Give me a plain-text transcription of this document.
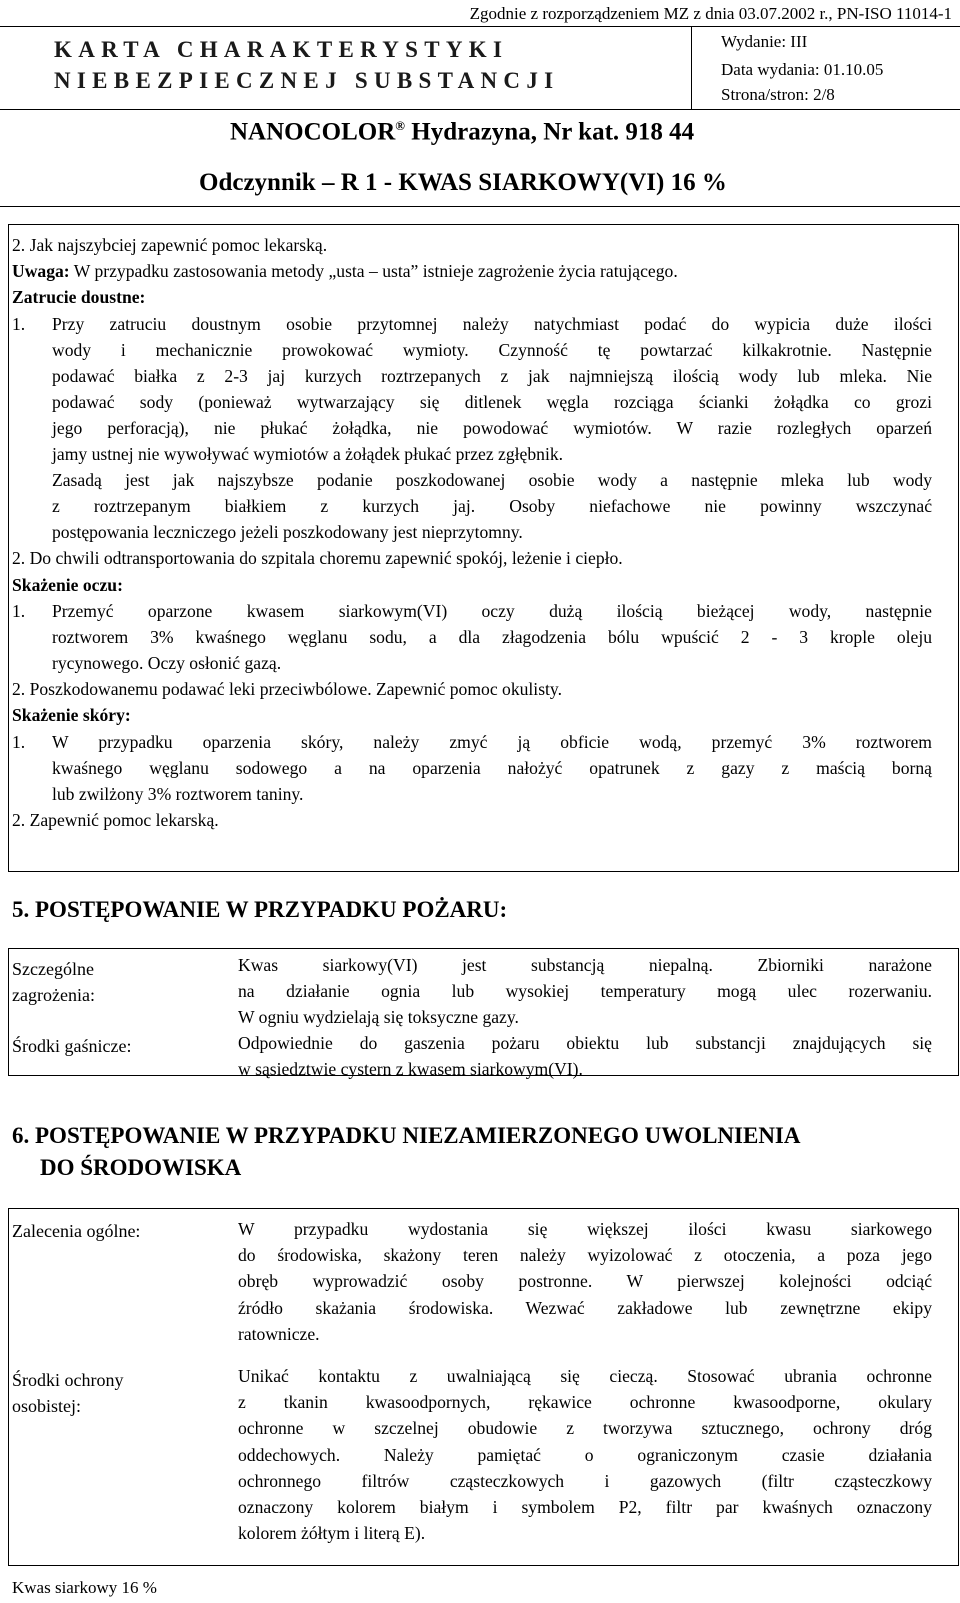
Zgodnie z rozporządzeniem MZ z dnia 03.07.2002 r., PN-ISO 11014-1
KARTA CHARAKTERYSTYKI
NIEBEZPIECZNEJ SUBSTANCJI
Wydanie: III
Data wydania: 01.10.05
Strona/stron: 2/8
NANOCOLOR® Hydrazyna, Nr kat. 918 44
Odczynnik – R 1 - KWAS SIARKOWY(VI) 16 %
2. Jak najszybciej zapewnić pomoc lekarską.
Uwaga: W przypadku zastosowania metody „usta – usta” istnieje zagrożenie życia ratującego.
Zatrucie doustne:
1. Przy zatruciu doustnym osobie przytomnej należy natychmiast podać do wypicia duże ilości
wody i mechanicznie prowokować wymioty. Czynność tę powtarzać kilkakrotnie. Następnie
podawać białka z 2-3 jaj kurzych roztrzepanych z jak najmniejszą ilością wody lub mleka. Nie
podawać sody (ponieważ wytwarzający się ditlenek węgla rozciąga ścianki żołądka co grozi
jego perforacją), nie płukać żołądka, nie powodować wymiotów. W razie rozległych oparzeń
jamy ustnej nie wywoływać wymiotów a żołądek płukać przez zgłębnik.
Zasadą jest jak najszybsze podanie poszkodowanej osobie wody a następnie mleka lub wody
z roztrzepanym białkiem z kurzych jaj. Osoby niefachowe nie powinny wszczynać
postępowania leczniczego jeżeli poszkodowany jest nieprzytomny.
2. Do chwili odtransportowania do szpitala choremu zapewnić spokój, leżenie i ciepło.
Skażenie oczu:
1. Przemyć oparzone kwasem siarkowym(VI) oczy dużą ilością bieżącej wody, następnie
roztworem 3% kwaśnego węglanu sodu, a dla złagodzenia bólu wpuścić 2 - 3 krople oleju
rycynowego. Oczy osłonić gazą.
2. Poszkodowanemu podawać leki przeciwbólowe. Zapewnić pomoc okulisty.
Skażenie skóry:
1. W przypadku oparzenia skóry, należy zmyć ją obficie wodą, przemyć 3% roztworem
kwaśnego węglanu sodowego a na oparzenia nałożyć opatrunek z gazy z maścią borną
lub zwilżony 3% roztworem taniny.
2. Zapewnić pomoc lekarską.
5. POSTĘPOWANIE W PRZYPADKU POŻARU:
Szczególne
zagrożenia:
Kwas siarkowy(VI) jest substancją niepalną. Zbiorniki narażone
na działanie ognia lub wysokiej temperatury mogą ulec rozerwaniu.
W ogniu wydzielają się toksyczne gazy.
Środki gaśnicze:	Odpowiednie do gaszenia pożaru obiektu lub substancji znajdujących się
w sąsiedztwie cystern z kwasem siarkowym(VI).
6. POSTĘPOWANIE W PRZYPADKU NIEZAMIERZONEGO UWOLNIENIA
DO ŚRODOWISKA
Zalecenia ogólne:	W przypadku wydostania się większej ilości kwasu siarkowego
do środowiska, skażony teren należy wyizolować z otoczenia, a poza jego
obręb wyprowadzić osoby postronne. W pierwszej kolejności odciąć
źródło skażania środowiska. Wezwać zakładowe lub zewnętrzne ekipy
ratownicze.
Środki ochrony
osobistej:
Unikać kontaktu z uwalniającą się cieczą. Stosować ubrania ochronne
z tkanin kwasoodpornych, rękawice ochronne kwasoodporne, okulary
ochronne w szczelnej obudowie z tworzywa sztucznego, ochrony dróg
oddechowych. Należy pamiętać o ograniczonym czasie działania
ochronnego filtrów cząsteczkowych i gazowych (filtr cząsteczkowy
oznaczony kolorem białym i symbolem P2, filtr par kwaśnych oznaczony
kolorem żółtym i literą E).
Kwas siarkowy 16 %
